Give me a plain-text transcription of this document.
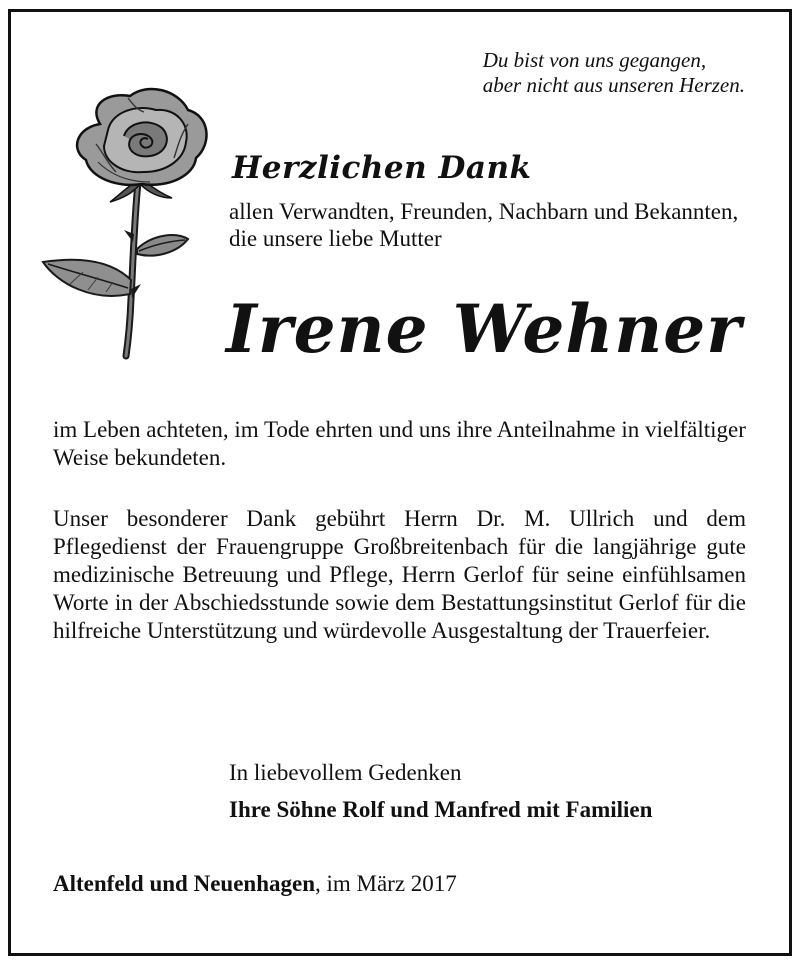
Du bist von uns gegangen,
aber nicht aus unseren Herzen.
Herzlichen Dank
allen Verwandten, Freunden, Nachbarn und Bekannten, die unsere liebe Mutter
Irene Wehner
im Leben achteten, im Tode ehrten und uns ihre Anteilnahme in vielfältiger Weise bekundeten.
Unser besonderer Dank gebührt Herrn Dr. M. Ullrich und dem Pflegedienst der Frauengruppe Großbreitenbach für die langjährige gute medizinische Betreuung und Pflege, Herrn Gerlof für seine einfühlsamen Worte in der Abschiedsstunde sowie dem Bestattungsinstitut Gerlof für die hilfreiche Unterstützung und würdevolle Ausgestaltung der Trauerfeier.
In liebevollem Gedenken
Ihre Söhne Rolf und Manfred mit Familien
Altenfeld und Neuenhagen, im März 2017
